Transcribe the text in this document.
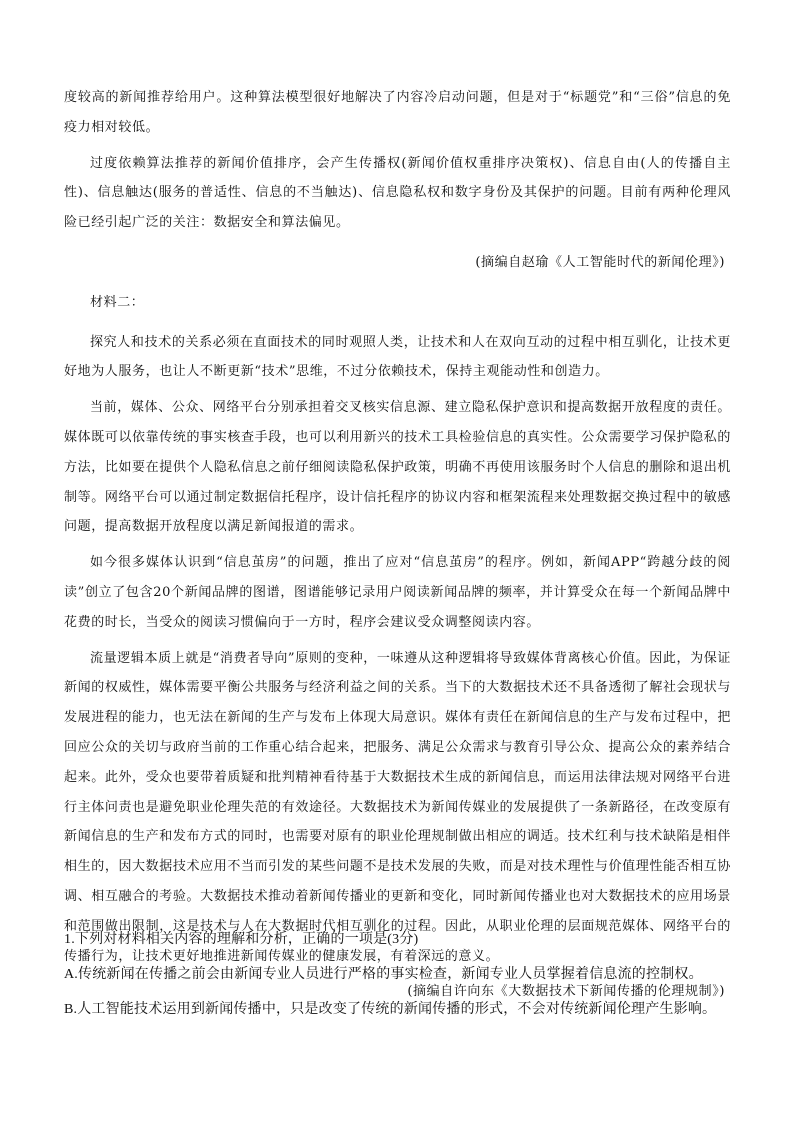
度较高的新闻推荐给用户。这种算法模型很好地解决了内容冷启动问题，但是对于“标题党”和“三俗”信息的免疫力相对较低。

过度依赖算法推荐的新闻价值排序，会产生传播权(新闻价值权重排序决策权)、信息自由(人的传播自主性)、信息触达(服务的普适性、信息的不当触达)、信息隐私权和数字身份及其保护的问题。目前有两种伦理风险已经引起广泛的关注：数据安全和算法偏见。

(摘编自赵瑜《人工智能时代的新闻伦理》)

材料二：

探究人和技术的关系必须在直面技术的同时观照人类，让技术和人在双向互动的过程中相互驯化，让技术更好地为人服务，也让人不断更新“技术”思维，不过分依赖技术，保持主观能动性和创造力。

当前，媒体、公众、网络平台分别承担着交叉核实信息源、建立隐私保护意识和提高数据开放程度的责任。媒体既可以依靠传统的事实核查手段，也可以利用新兴的技术工具检验信息的真实性。公众需要学习保护隐私的方法，比如要在提供个人隐私信息之前仔细阅读隐私保护政策，明确不再使用该服务时个人信息的删除和退出机制等。网络平台可以通过制定数据信托程序，设计信托程序的协议内容和框架流程来处理数据交换过程中的敏感问题，提高数据开放程度以满足新闻报道的需求。

如今很多媒体认识到“信息茧房”的问题，推出了应对“信息茧房”的程序。例如，新闻APP“跨越分歧的阅读”创立了包含20个新闻品牌的图谱，图谱能够记录用户阅读新闻品牌的频率，并计算受众在每一个新闻品牌中花费的时长，当受众的阅读习惯偏向于一方时，程序会建议受众调整阅读内容。

流量逻辑本质上就是“消费者导向”原则的变种，一味遵从这种逻辑将导致媒体背离核心价值。因此，为保证新闻的权威性，媒体需要平衡公共服务与经济利益之间的关系。当下的大数据技术还不具备透彻了解社会现状与发展进程的能力，也无法在新闻的生产与发布上体现大局意识。媒体有责任在新闻信息的生产与发布过程中，把回应公众的关切与政府当前的工作重心结合起来，把服务、满足公众需求与教育引导公众、提高公众的素养结合起来。此外，受众也要带着质疑和批判精神看待基于大数据技术生成的新闻信息，而运用法律法规对网络平台进行主体问责也是避免职业伦理失范的有效途径。大数据技术为新闻传媒业的发展提供了一条新路径，在改变原有新闻信息的生产和发布方式的同时，也需要对原有的职业伦理规制做出相应的调适。技术红利与技术缺陷是相伴相生的，因大数据技术应用不当而引发的某些问题不是技术发展的失败，而是对技术理性与价值理性能否相互协调、相互融合的考验。大数据技术推动着新闻传播业的更新和变化，同时新闻传播业也对大数据技术的应用场景和范围做出限制，这是技术与人在大数据时代相互驯化的过程。因此，从职业伦理的层面规范媒体、网络平台的传播行为，让技术更好地推进新闻传媒业的健康发展，有着深远的意义。

(摘编自许向东《大数据技术下新闻传播的伦理规制》)

1.下列对材料相关内容的理解和分析，正确的一项是(3分)

A.传统新闻在传播之前会由新闻专业人员进行严格的事实检查，新闻专业人员掌握着信息流的控制权。

B.人工智能技术运用到新闻传播中，只是改变了传统的新闻传播的形式，不会对传统新闻伦理产生影响。
